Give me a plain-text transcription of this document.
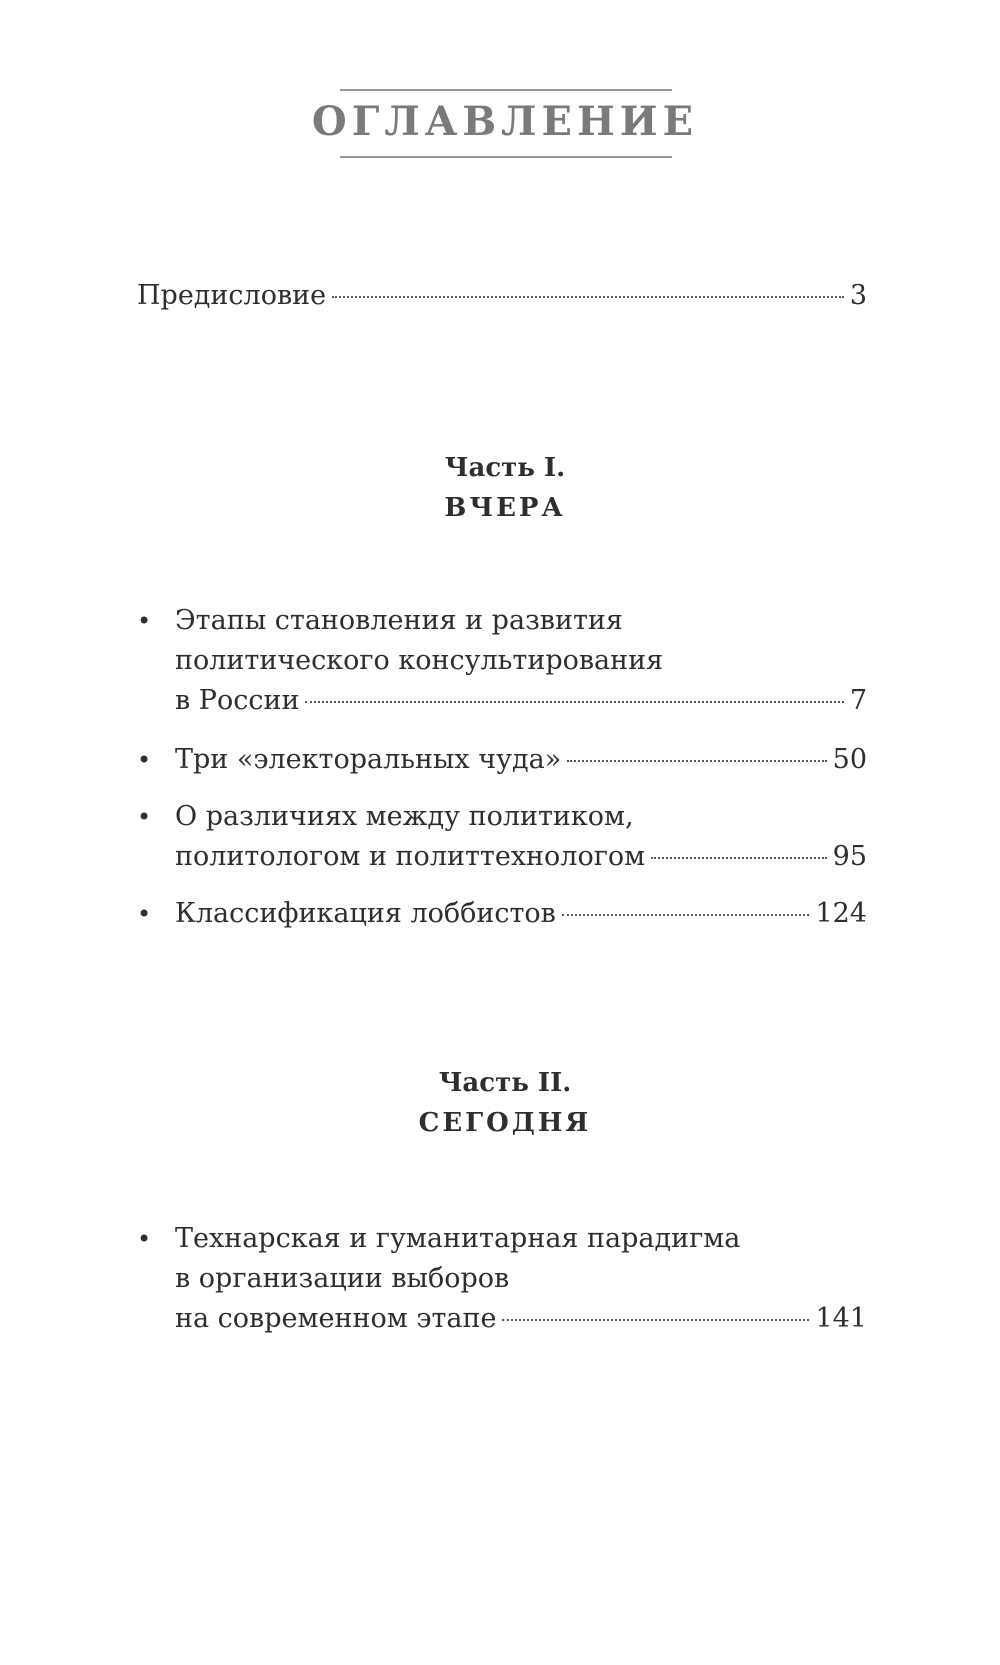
ОГЛАВЛЕНИЕ
Предисловие	3
Часть I.
ВЧЕРА
• Этапы становления и развития
политического консультирования
в России	7
• Три «электоральных чуда»	50
• О различиях между политиком,
политологом и политтехнологом	95
• Классификация лоббистов	124
Часть II.
СЕГОДНЯ
• Технарская и гуманитарная парадигма
в организации выборов
на современном этапе	141
